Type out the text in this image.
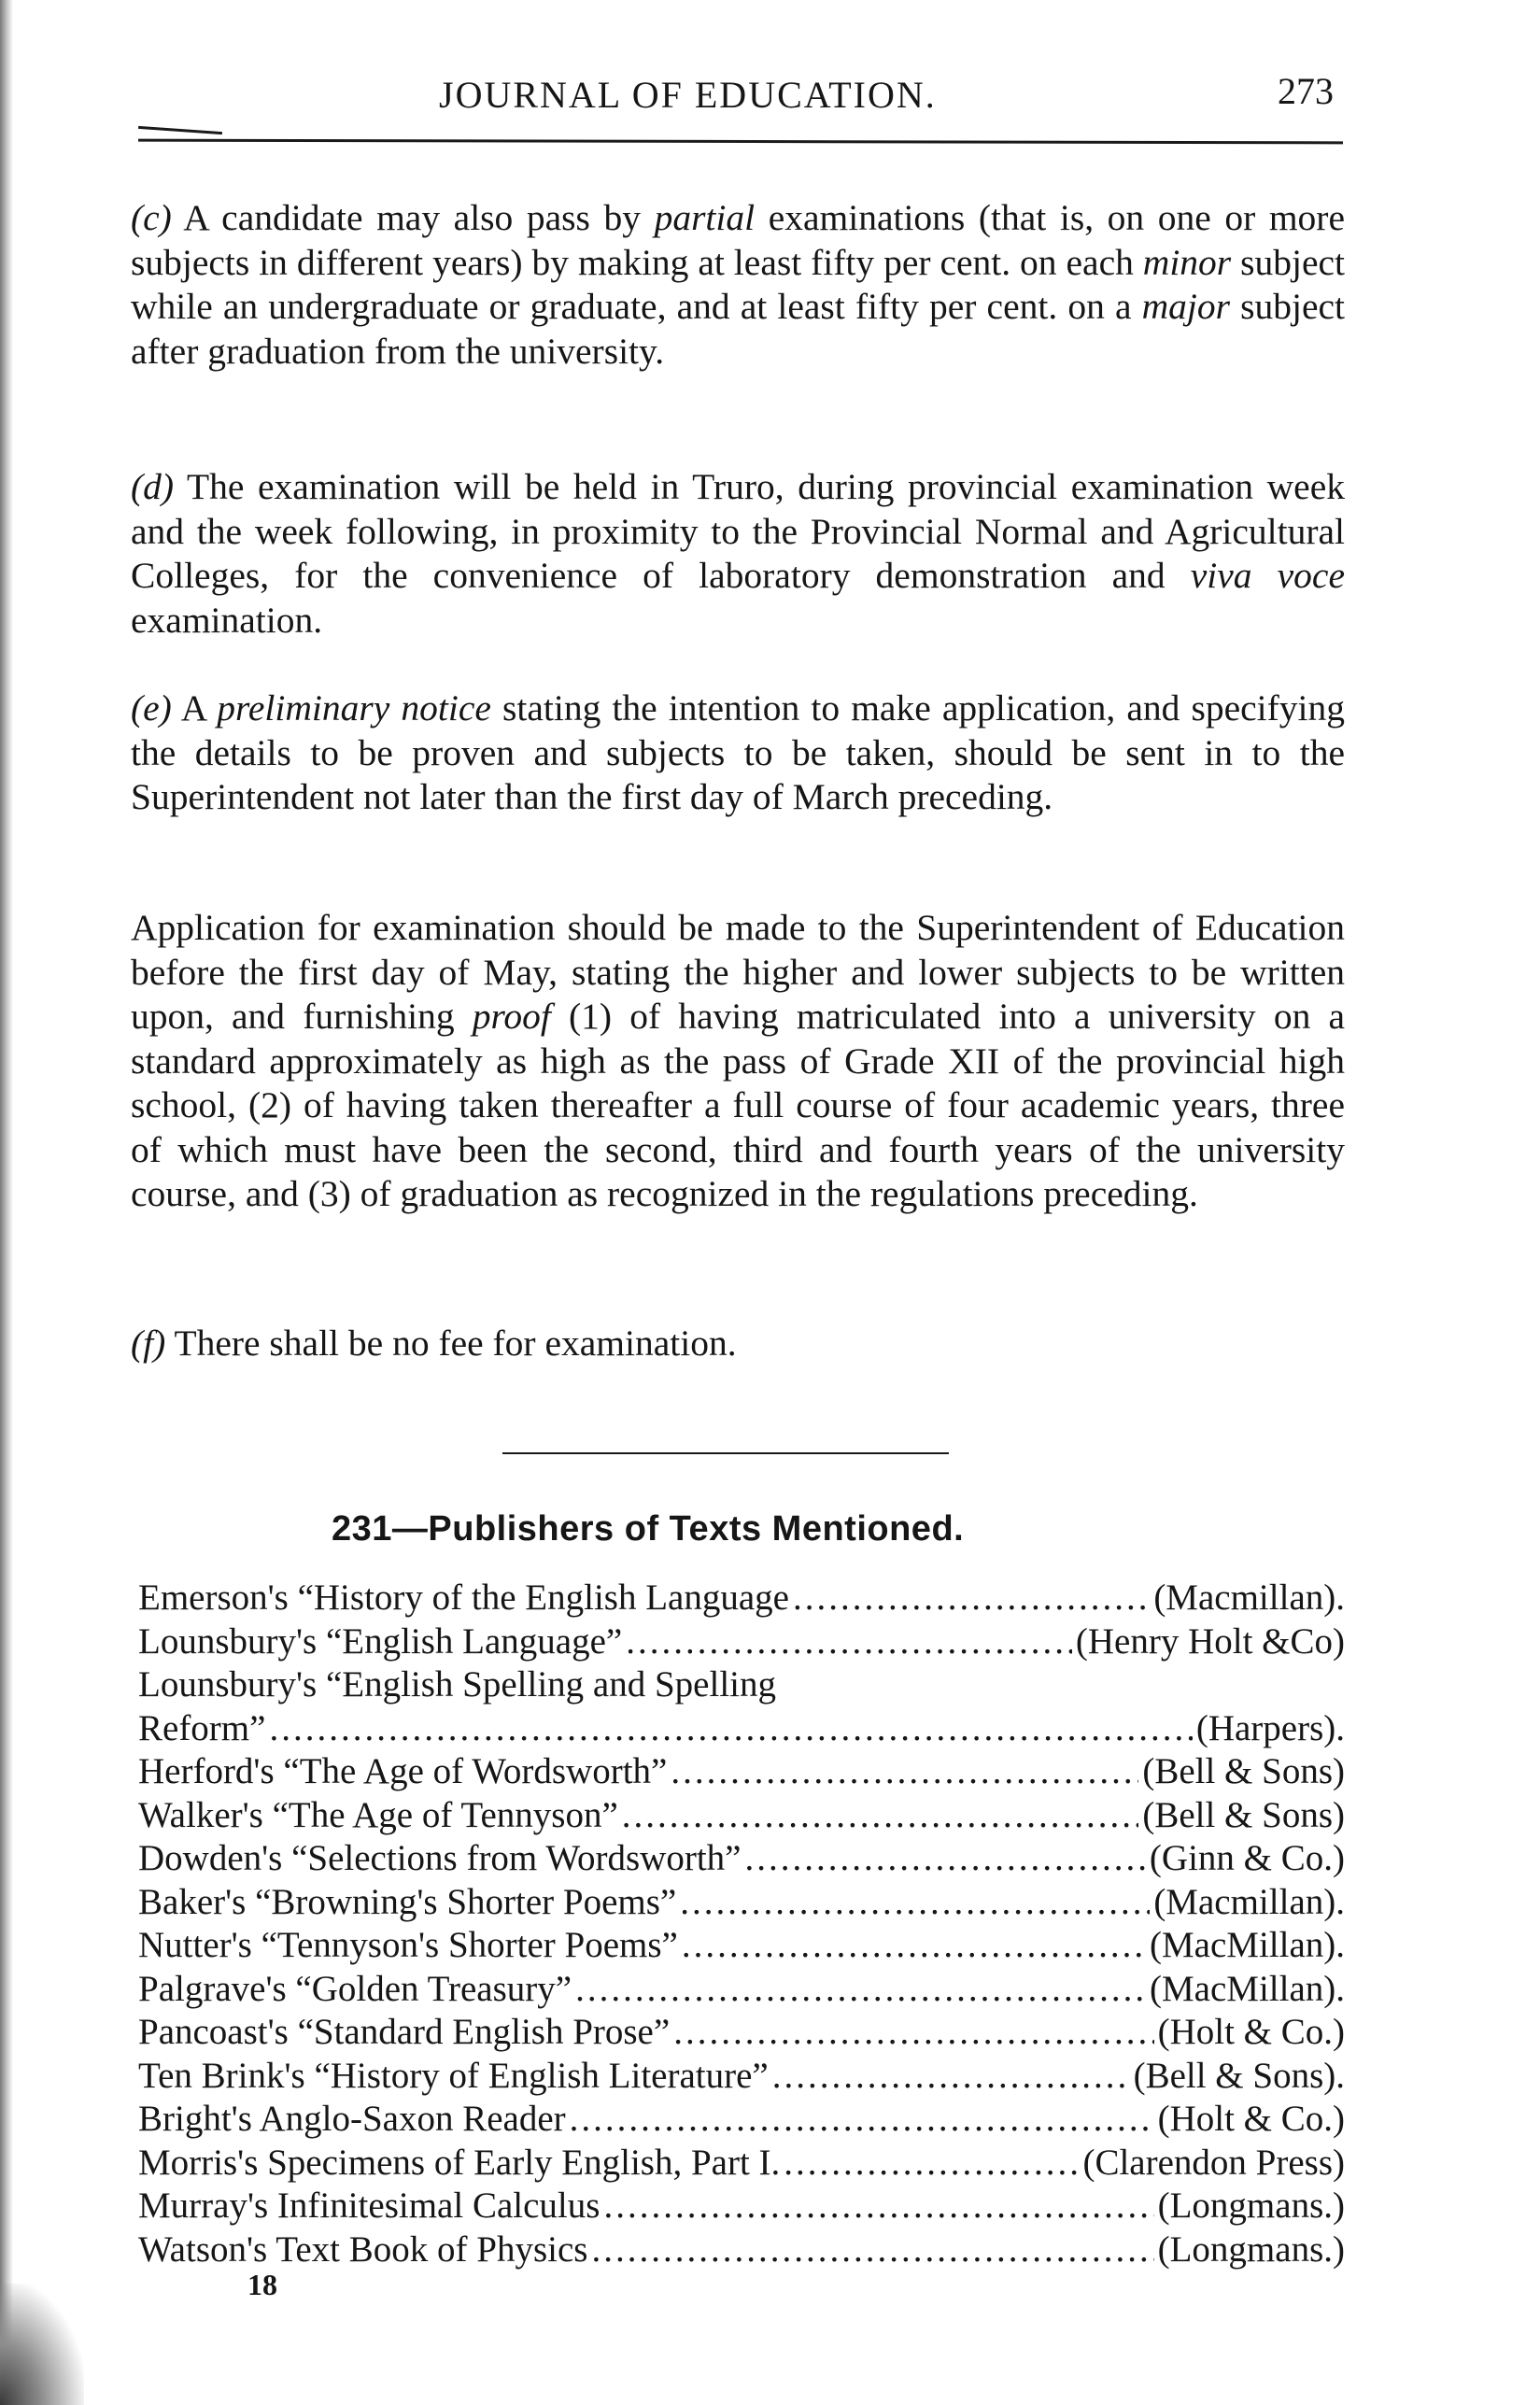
JOURNAL OF EDUCATION.	273

(c) A candidate may also pass by partial examinations (that is, on one or more subjects in different years) by making at least fifty per cent. on each minor subject while an undergraduate or graduate, and at least fifty per cent. on a major subject after graduation from the university.

(d) The examination will be held in Truro, during provincial examination week and the week following, in proximity to the Provincial Normal and Agricultural Colleges, for the convenience of laboratory demonstration and viva voce examination.

(e) A preliminary notice stating the intention to make application, and specifying the details to be proven and subjects to be taken, should be sent in to the Superintendent not later than the first day of March preceding.

Application for examination should be made to the Superintendent of Education before the first day of May, stating the higher and lower subjects to be written upon, and furnishing proof (1) of having matriculated into a university on a standard approximately as high as the pass of Grade XII of the provincial high school, (2) of having taken thereafter a full course of four academic years, three of which must have been the second, third and fourth years of the university course, and (3) of graduation as recognized in the regulations preceding.

(f) There shall be no fee for examination.

231—Publishers of Texts Mentioned.
Emerson's “History of the English Language .....	(Macmillan).
Lounsbury's “English Language” .....	(Henry Holt &Co)
Lounsbury's “English Spelling and Spelling
Reform” .....	(Harpers).
Herford's “The Age of Wordsworth” .....	(Bell & Sons)
Walker's “The Age of Tennyson” .....	(Bell & Sons)
Dowden's “Selections from Wordsworth” .....	(Ginn & Co.)
Baker's “Browning's Shorter Poems” .....	(Macmillan).
Nutter's “Tennyson's Shorter Poems” .....	(MacMillan).
Palgrave's “Golden Treasury” .....	(MacMillan).
Pancoast's “Standard English Prose” .....	(Holt & Co.)
Ten Brink's “History of English Literature” .....	(Bell & Sons).
Bright's Anglo-Saxon Reader .....	(Holt & Co.)
Morris's Specimens of Early English, Part I. .....	(Clarendon Press)
Murray's Infinitesimal Calculus .....	(Longmans.)
Watson's Text Book of Physics .....	(Longmans.)
18
